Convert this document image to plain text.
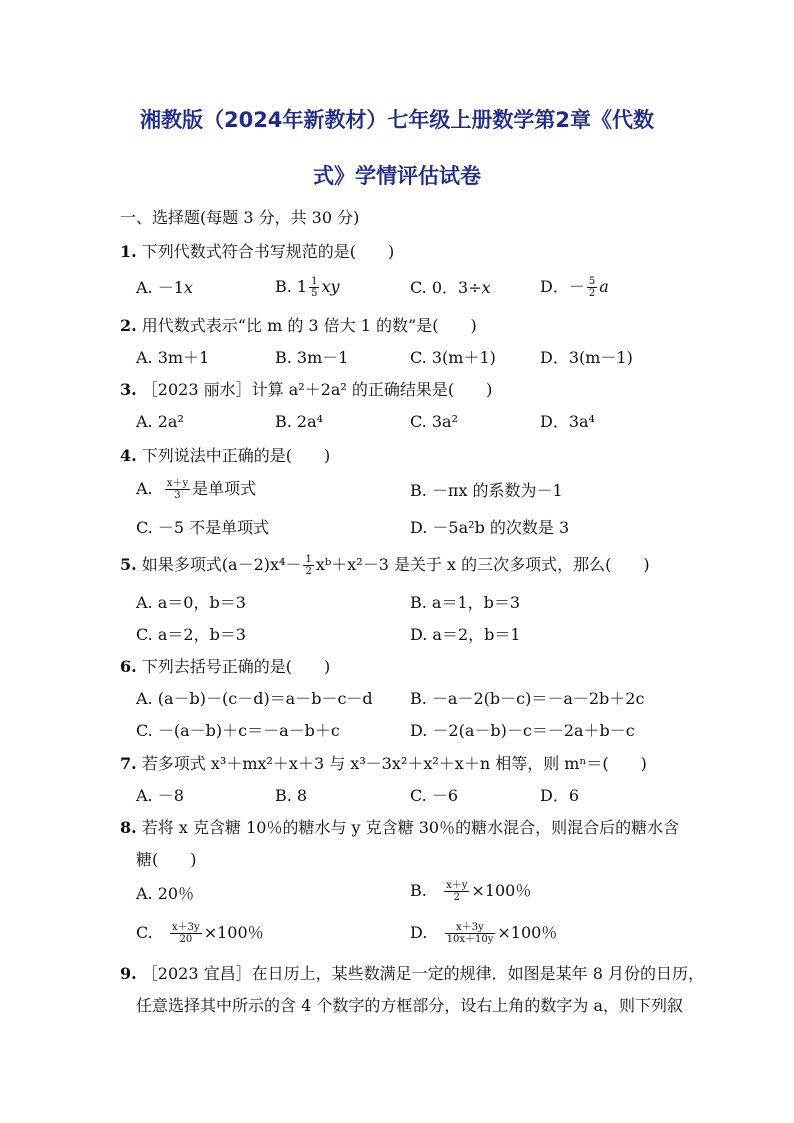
湘教版（2024年新教材）七年级上册数学第2章《代数
式》学情评估试卷
一、选择题(每题 3 分，共 30 分)
1. 下列代数式符合书写规范的是(　　)
A. －1x	B. $1 \frac{1}{5}$ xy	C. 0．3÷x	D．－ $\frac{5}{2}$ a
2. 用代数式表示“比 m 的 3 倍大 1 的数”是(　　)
A. 3m＋1	B. 3m－1	C. 3(m＋1)	D．3(m－1)
3. ［2023 丽水］计算 a²＋2a² 的正确结果是(　　)
A. 2a²	B. 2a⁴	C. 3a²	D．3a⁴
4. 下列说法中正确的是(　　)
A. $\frac{x+y}{3}$ 是单项式	B. －πx 的系数为－1
C. －5 不是单项式	D. －5a²b 的次数是 3
5. 如果多项式$(a-2)x^4- \frac{1}{2}$ xᵇ＋x²－3 是关于 x 的三次多项式，那么(　　)
A. a＝0，b＝3	B. a＝1，b＝3
C. a＝2，b＝3	D. a＝2，b＝1
6. 下列去括号正确的是(　　)
A. (a－b)－(c－d)＝a－b－c－d B. －a－2(b－c)＝－a－2b＋2c
C. －(a－b)＋c＝－a－b＋c	D. －2(a－b)－c＝－2a＋b－c
7. 若多项式 x³＋mx²＋x＋3 与 x³－3x²＋x²＋x＋n 相等，则 mⁿ＝(　　)
A. －8	B. 8	C. －6	D．6
8. 若将 x 克含糖 10％的糖水与 y 克含糖 30％的糖水混合，则混合后的糖水含
糖(　　)
A. 20％	B. $\frac{x+y}{2} \times 100$％
C. $\frac{x+3y}{20} \times 100$％	D. $\frac{x+3y}{10x+10y} \times 100$％
9. ［2023 宜昌］在日历上，某些数满足一定的规律．如图是某年 8 月份的日历，
任意选择其中所示的含 4 个数字的方框部分，设右上角的数字为 a，则下列叙
